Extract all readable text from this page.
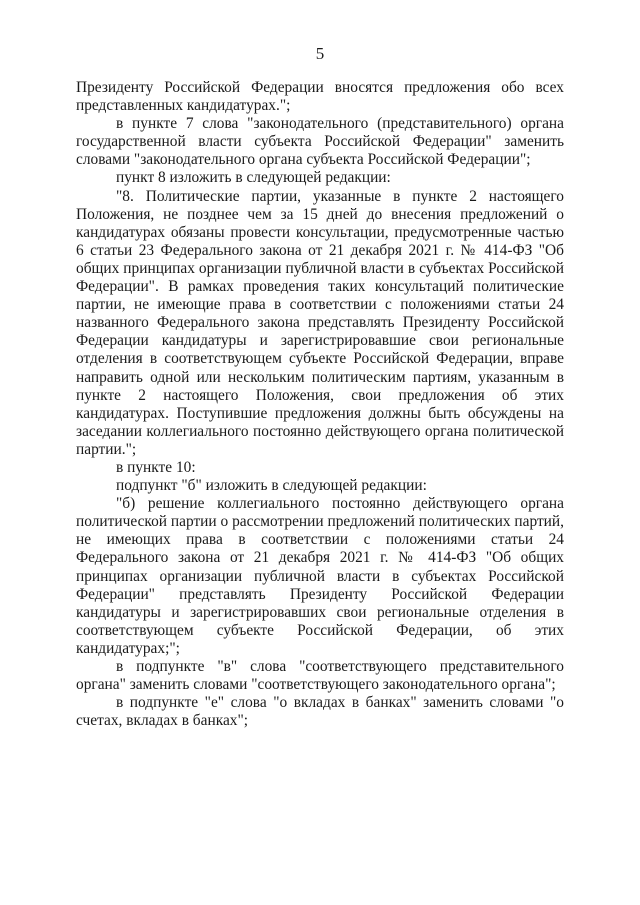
5

Президенту Российской Федерации вносятся предложения обо всех представленных кандидатурах.";

в пункте 7 слова "законодательного (представительного) органа государственной власти субъекта Российской Федерации" заменить словами "законодательного органа субъекта Российской Федерации";

пункт 8 изложить в следующей редакции:

"8. Политические партии, указанные в пункте 2 настоящего Положения, не позднее чем за 15 дней до внесения предложений о кандидатурах обязаны провести консультации, предусмотренные частью 6 статьи 23 Федерального закона от 21 декабря 2021 г. № 414-ФЗ "Об общих принципах организации публичной власти в субъектах Российской Федерации". В рамках проведения таких консультаций политические партии, не имеющие права в соответствии с положениями статьи 24 названного Федерального закона представлять Президенту Российской Федерации кандидатуры и зарегистрировавшие свои региональные отделения в соответствующем субъекте Российской Федерации, вправе направить одной или нескольким политическим партиям, указанным в пункте 2 настоящего Положения, свои предложения об этих кандидатурах. Поступившие предложения должны быть обсуждены на заседании коллегиального постоянно действующего органа политической партии.";

в пункте 10:

подпункт "б" изложить в следующей редакции:

"б) решение коллегиального постоянно действующего органа политической партии о рассмотрении предложений политических партий, не имеющих права в соответствии с положениями статьи 24 Федерального закона от 21 декабря 2021 г. № 414-ФЗ "Об общих принципах организации публичной власти в субъектах Российской Федерации" представлять Президенту Российской Федерации кандидатуры и зарегистрировавших свои региональные отделения в соответствующем субъекте Российской Федерации, об этих кандидатурах;";

в подпункте "в" слова "соответствующего представительного органа" заменить словами "соответствующего законодательного органа";

в подпункте "е" слова "о вкладах в банках" заменить словами "о счетах, вкладах в банках";
